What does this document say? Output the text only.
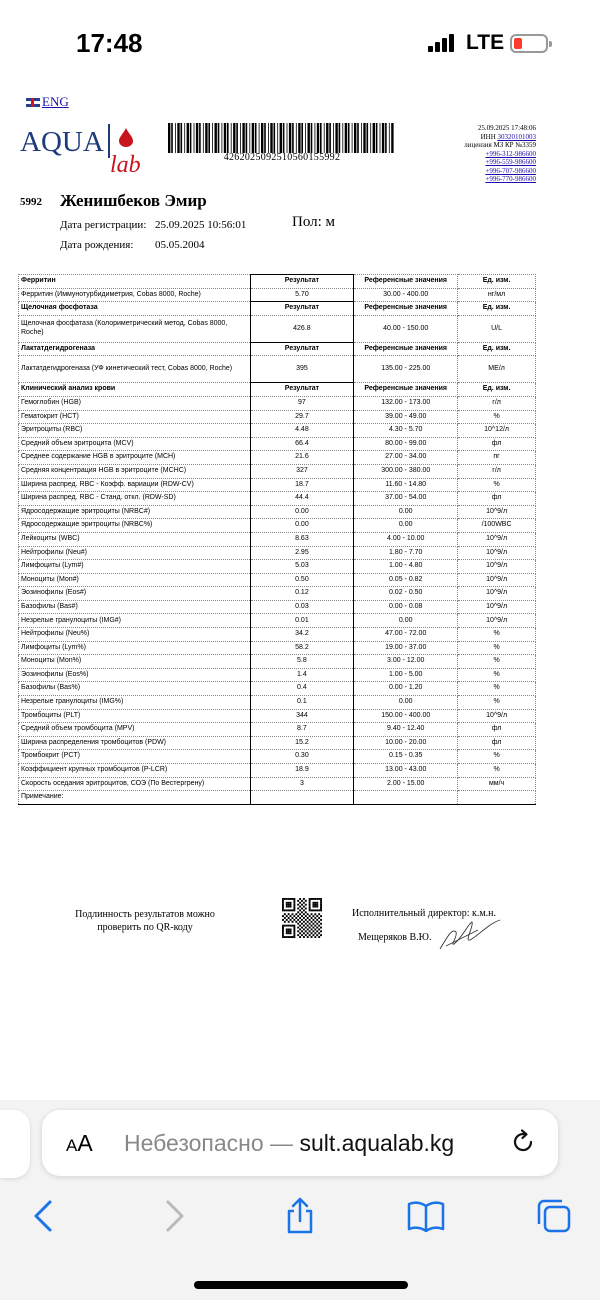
17:48	LTE
ENG
AQUA
lab	4262025092510560155992
25.09.2025 17:48:06
ИНН 30320101003
лицензия МЗ КР №3359
+996-312-986600
+996-559-986600
+996-707-986600
+996-770-986600
5992 Женишбеков Эмир
Дата регистрации: 25.09.2025 10:56:01	Пол: м
Дата рождения: 05.05.2004
Ферритин	Результат	Референсные значения	Ед. изм.
Ферритин (Иммунотурбидиметрия, Cobas 8000, Roche)	5.70	30.00 - 400.00	нг/мл
Щелочная фосфотаза	Результат	Референсные значения	Ед. изм.
Щелочная фосфатаза (Колориметрический метод, Cobas 8000, Roche)	426.8	40.00 - 150.00	U/L
Лактатдегидрогеназа	Результат	Референсные значения	Ед. изм.
Лактатдегидрогеназа (УФ кинетический тест, Cobas 8000, Roche)	395	135.00 - 225.00	МЕ/л
Клинический анализ крови	Результат	Референсные значения	Ед. изм.
Гемоглобин (HGB)	97	132.00 - 173.00	г/л
Гематокрит (HCT)	29.7	39.00 - 49.00	%
Эритроциты (RBC)	4.48	4.30 - 5.70	10^12/л
Средний объем эритроцита (MCV)	66.4	80.00 - 99.00	фл
Среднее содержание HGB в эритроците (MCH)	21.6	27.00 - 34.00	пг
Средняя концентрация HGB в эритроците (MCHC)	327	300.00 - 380.00	г/л
Ширина распред. RBC - Коэфф. вариации (RDW-CV)	18.7	11.60 - 14.80	%
Ширина распред. RBC - Станд. откл. (RDW-SD)	44.4	37.00 - 54.00	фл
Ядросодержащие эритроциты (NRBC#)	0.00	0.00	10^9/л
Ядросодержащие эритроциты (NRBC%)	0.00	0.00	/100WBC
Лейкоциты (WBC)	8.63	4.00 - 10.00	10^9/л
Нейтрофилы (Neu#)	2.95	1.80 - 7.70	10^9/л
Лимфоциты (Lym#)	5.03	1.00 - 4.80	10^9/л
Моноциты (Mon#)	0.50	0.05 - 0.82	10^9/л
Эозинофилы (Eos#)	0.12	0.02 - 0.50	10^9/л
Базофилы (Bas#)	0.03	0.00 - 0.08	10^9/л
Незрелые гранулоциты (IMG#)	0.01	0.00	10^9/л
Нейтрофилы (Neu%)	34.2	47.00 - 72.00	%
Лимфоциты (Lym%)	58.2	19.00 - 37.00	%
Моноциты (Mon%)	5.8	3.00 - 12.00	%
Эозинофилы (Eos%)	1.4	1.00 - 5.00	%
Базофилы (Bas%)	0.4	0.00 - 1.20	%
Незрелые гранулоциты (IMG%)	0.1	0.00	%
Тромбоциты (PLT)	344	150.00 - 400.00	10^9/л
Средний объем тромбоцита (MPV)	8.7	9.40 - 12.40	фл
Ширина распределения тромбоцитов (PDW)	15.2	10.00 - 20.00	фл
Тромбокрит (PCT)	0.30	0.15 - 0.35	%
Коэффициент крупных тромбоцитов (P-LCR)	18.9	13.00 - 43.00	%
Скорость оседания эритроцитов, СОЭ (По Вестергрену)	3	2.00 - 15.00	мм/ч
Примечание:			
Подлинность результатов можно проверить по QR-коду
Исполнительный директор: к.м.н.
Мещеряков В.Ю.
AA Небезопасно — sult.aqualab.kg
